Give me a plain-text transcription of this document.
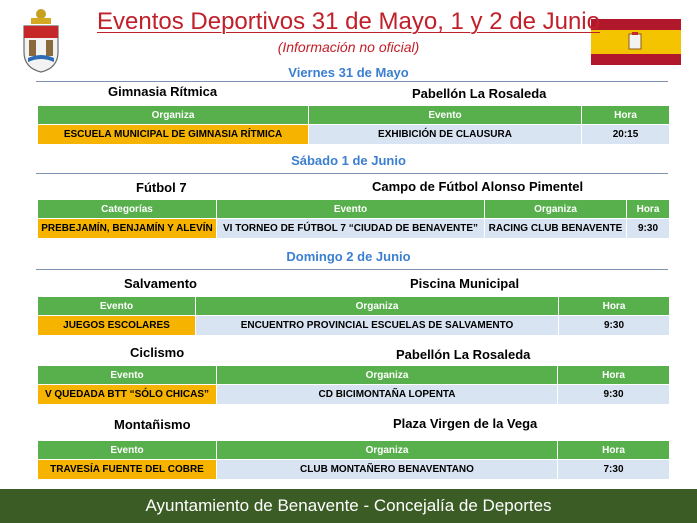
Eventos Deportivos 31 de Mayo, 1 y 2 de Junio
(Información no oficial)
Viernes 31 de Mayo
Gimnasia Rítmica	Pabellón La Rosaleda
Organiza	Evento	Hora
ESCUELA MUNICIPAL DE GIMNASIA RÍTMICA	EXHIBICIÓN DE CLAUSURA	20:15
Sábado 1 de Junio
Fútbol 7	Campo de Fútbol Alonso Pimentel
Categorías	Evento	Organiza	Hora
PREBEJAMÍN, BENJAMÍN Y ALEVÍN	VI TORNEO DE FÚTBOL 7 “CIUDAD DE BENAVENTE”	RACING CLUB BENAVENTE	9:30
Domingo 2 de Junio
Salvamento	Piscina Municipal
Evento	Organiza	Hora
JUEGOS ESCOLARES	ENCUENTRO PROVINCIAL ESCUELAS DE SALVAMENTO	9:30
Ciclismo	Pabellón La Rosaleda
Evento	Organiza	Hora
V QUEDADA BTT “SÓLO CHICAS”	CD BICIMONTAÑA LOPENTA	9:30
Montañismo	Plaza Virgen de la Vega
Evento	Organiza	Hora
TRAVESÍA FUENTE DEL COBRE	CLUB MONTAÑERO BENAVENTANO	7:30
Ayuntamiento de Benavente - Concejalía de Deportes
